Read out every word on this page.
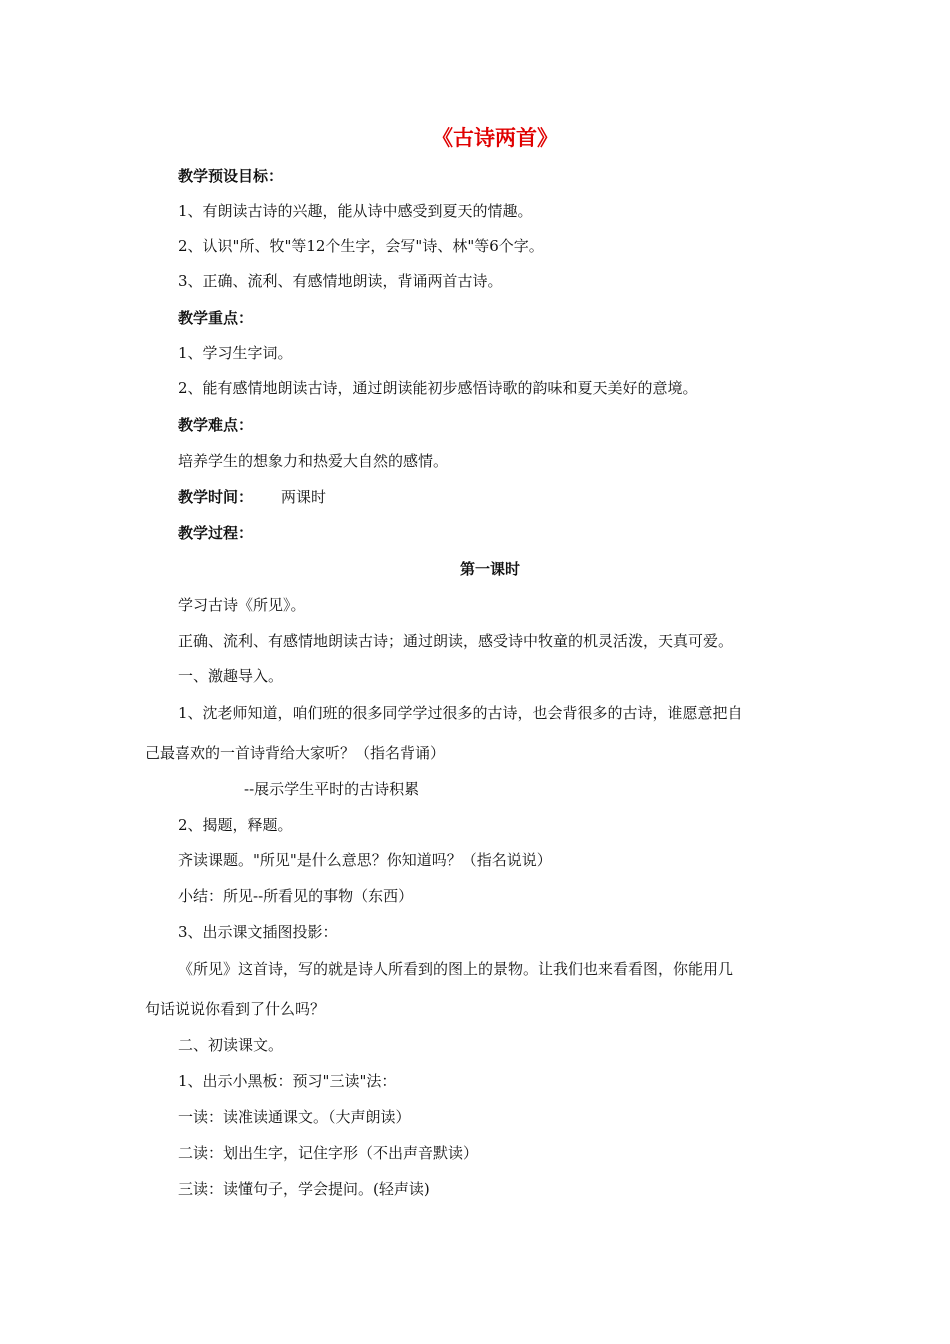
《古诗两首》
教学预设目标：
1、有朗读古诗的兴趣，能从诗中感受到夏天的情趣。
2、认识"所、牧"等12个生字，会写"诗、林"等6个字。
3、正确、流利、有感情地朗读，背诵两首古诗。
教学重点：
1、学习生字词。
2、能有感情地朗读古诗，通过朗读能初步感悟诗歌的韵味和夏天美好的意境。
教学难点：
培养学生的想象力和热爱大自然的感情。
教学时间： 两课时
教学过程：
第一课时
学习古诗《所见》。
正确、流利、有感情地朗读古诗；通过朗读，感受诗中牧童的机灵活泼，天真可爱。
一、激趣导入。
1、沈老师知道，咱们班的很多同学学过很多的古诗，也会背很多的古诗，谁愿意把自
己最喜欢的一首诗背给大家听？（指名背诵）
--展示学生平时的古诗积累
2、揭题，释题。
齐读课题。"所见"是什么意思？你知道吗？（指名说说）
小结：所见--所看见的事物（东西）
3、出示课文插图投影：
《所见》这首诗，写的就是诗人所看到的图上的景物。让我们也来看看图，你能用几
句话说说你看到了什么吗？
二、初读课文。
1、出示小黑板：预习"三读"法：
一读：读准读通课文。（大声朗读）
二读：划出生字，记住字形（不出声音默读）
三读：读懂句子，学会提问。(轻声读)
